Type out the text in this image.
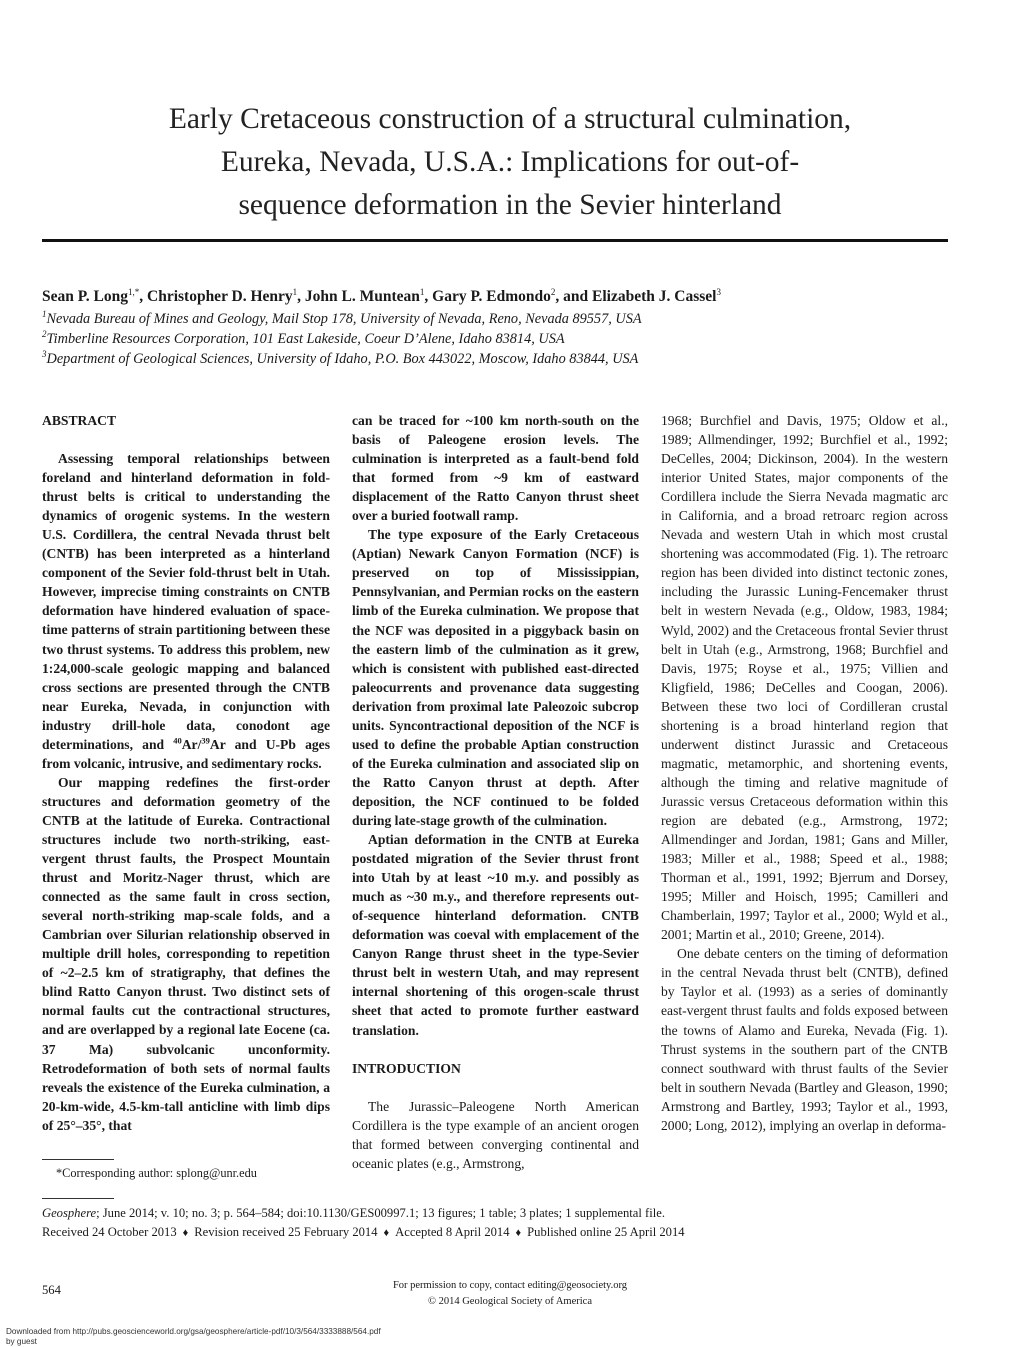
Early Cretaceous construction of a structural culmination,
Eureka, Nevada, U.S.A.: Implications for out-of-
sequence deformation in the Sevier hinterland
Sean P. Long$^{1,*}$, Christopher D. Henry$^1$, John L. Muntean$^1$, Gary P. Edmondo$^2$, and Elizabeth J. Cassel$^3$
$^1$Nevada Bureau of Mines and Geology, Mail Stop 178, University of Nevada, Reno, Nevada 89557, USA
$^2$Timberline Resources Corporation, 101 East Lakeside, Coeur D’Alene, Idaho 83814, USA
$^3$Department of Geological Sciences, University of Idaho, P.O. Box 443022, Moscow, Idaho 83844, USA

ABSTRACT

Assessing temporal relationships between foreland and hinterland deformation in fold-thrust belts is critical to understanding the dynamics of orogenic systems. In the western U.S. Cordillera, the central Nevada thrust belt (CNTB) has been interpreted as a hinterland component of the Sevier fold-thrust belt in Utah. However, imprecise timing constraints on CNTB deformation have hindered evaluation of space-time patterns of strain partitioning between these two thrust systems. To address this problem, new 1:24,000-scale geologic mapping and balanced cross sections are presented through the CNTB near Eureka, Nevada, in conjunction with industry drill-hole data, conodont age determinations, and $^{40}$Ar/$^{39}$Ar and U-Pb ages from volcanic, intrusive, and sedimentary rocks.

Our mapping redefines the first-order structures and deformation geometry of the CNTB at the latitude of Eureka. Contractional structures include two north-striking, east-vergent thrust faults, the Prospect Mountain thrust and Moritz-Nager thrust, which are connected as the same fault in cross section, several north-striking map-scale folds, and a Cambrian over Silurian relationship observed in multiple drill holes, corresponding to repetition of ~2–2.5 km of stratigraphy, that defines the blind Ratto Canyon thrust. Two distinct sets of normal faults cut the contractional structures, and are overlapped by a regional late Eocene (ca. 37 Ma) subvolcanic unconformity. Retrodeformation of both sets of normal faults reveals the existence of the Eureka culmination, a 20-km-wide, 4.5-km-tall anticline with limb dips of 25°–35°, that

can be traced for ~100 km north-south on the basis of Paleogene erosion levels. The culmination is interpreted as a fault-bend fold that formed from ~9 km of eastward displacement of the Ratto Canyon thrust sheet over a buried footwall ramp.

The type exposure of the Early Cretaceous (Aptian) Newark Canyon Formation (NCF) is preserved on top of Mississippian, Pennsylvanian, and Permian rocks on the eastern limb of the Eureka culmination. We propose that the NCF was deposited in a piggyback basin on the eastern limb of the culmination as it grew, which is consistent with published east-directed paleocurrents and provenance data suggesting derivation from proximal late Paleozoic subcrop units. Syncontractional deposition of the NCF is used to define the probable Aptian construction of the Eureka culmination and associated slip on the Ratto Canyon thrust at depth. After deposition, the NCF continued to be folded during late-stage growth of the culmination.

Aptian deformation in the CNTB at Eureka postdated migration of the Sevier thrust front into Utah by at least ~10 m.y. and possibly as much as ~30 m.y., and therefore represents out-of-sequence hinterland deformation. CNTB deformation was coeval with emplacement of the Canyon Range thrust sheet in the type-Sevier thrust belt in western Utah, and may represent internal shortening of this orogen-scale thrust sheet that acted to promote further eastward translation.

INTRODUCTION

The Jurassic–Paleogene North American Cordillera is the type example of an ancient orogen that formed between converging continental and oceanic plates (e.g., Armstrong,

1968; Burchfiel and Davis, 1975; Oldow et al., 1989; Allmendinger, 1992; Burchfiel et al., 1992; DeCelles, 2004; Dickinson, 2004). In the western interior United States, major components of the Cordillera include the Sierra Nevada magmatic arc in California, and a broad retroarc region across Nevada and western Utah in which most crustal shortening was accommodated (Fig. 1). The retroarc region has been divided into distinct tectonic zones, including the Jurassic Luning-Fencemaker thrust belt in western Nevada (e.g., Oldow, 1983, 1984; Wyld, 2002) and the Cretaceous frontal Sevier thrust belt in Utah (e.g., Armstrong, 1968; Burchfiel and Davis, 1975; Royse et al., 1975; Villien and Kligfield, 1986; DeCelles and Coogan, 2006). Between these two loci of Cordilleran crustal shortening is a broad hinterland region that underwent distinct Jurassic and Cretaceous magmatic, metamorphic, and shortening events, although the timing and relative magnitude of Jurassic versus Cretaceous deformation within this region are debated (e.g., Armstrong, 1972; Allmendinger and Jordan, 1981; Gans and Miller, 1983; Miller et al., 1988; Speed et al., 1988; Thorman et al., 1991, 1992; Bjerrum and Dorsey, 1995; Miller and Hoisch, 1995; Camilleri and Chamberlain, 1997; Taylor et al., 2000; Wyld et al., 2001; Martin et al., 2010; Greene, 2014).

One debate centers on the timing of deformation in the central Nevada thrust belt (CNTB), defined by Taylor et al. (1993) as a series of dominantly east-vergent thrust faults and folds exposed between the towns of Alamo and Eureka, Nevada (Fig. 1). Thrust systems in the southern part of the CNTB connect southward with thrust faults of the Sevier belt in southern Nevada (Bartley and Gleason, 1990; Armstrong and Bartley, 1993; Taylor et al., 1993, 2000; Long, 2012), implying an overlap in deforma-

*Corresponding author: splong@unr.edu
Geosphere; June 2014; v. 10; no. 3; p. 564–584; doi:10.1130/GES00997.1; 13 figures; 1 table; 3 plates; 1 supplemental file.
Received 24 October 2013 ♦ Revision received 25 February 2014 ♦ Accepted 8 April 2014 ♦ Published online 25 April 2014
564	For permission to copy, contact editing@geosociety.org
© 2014 Geological Society of America
Downloaded from http://pubs.geoscienceworld.org/gsa/geosphere/article-pdf/10/3/564/3333888/564.pdf
by guest
